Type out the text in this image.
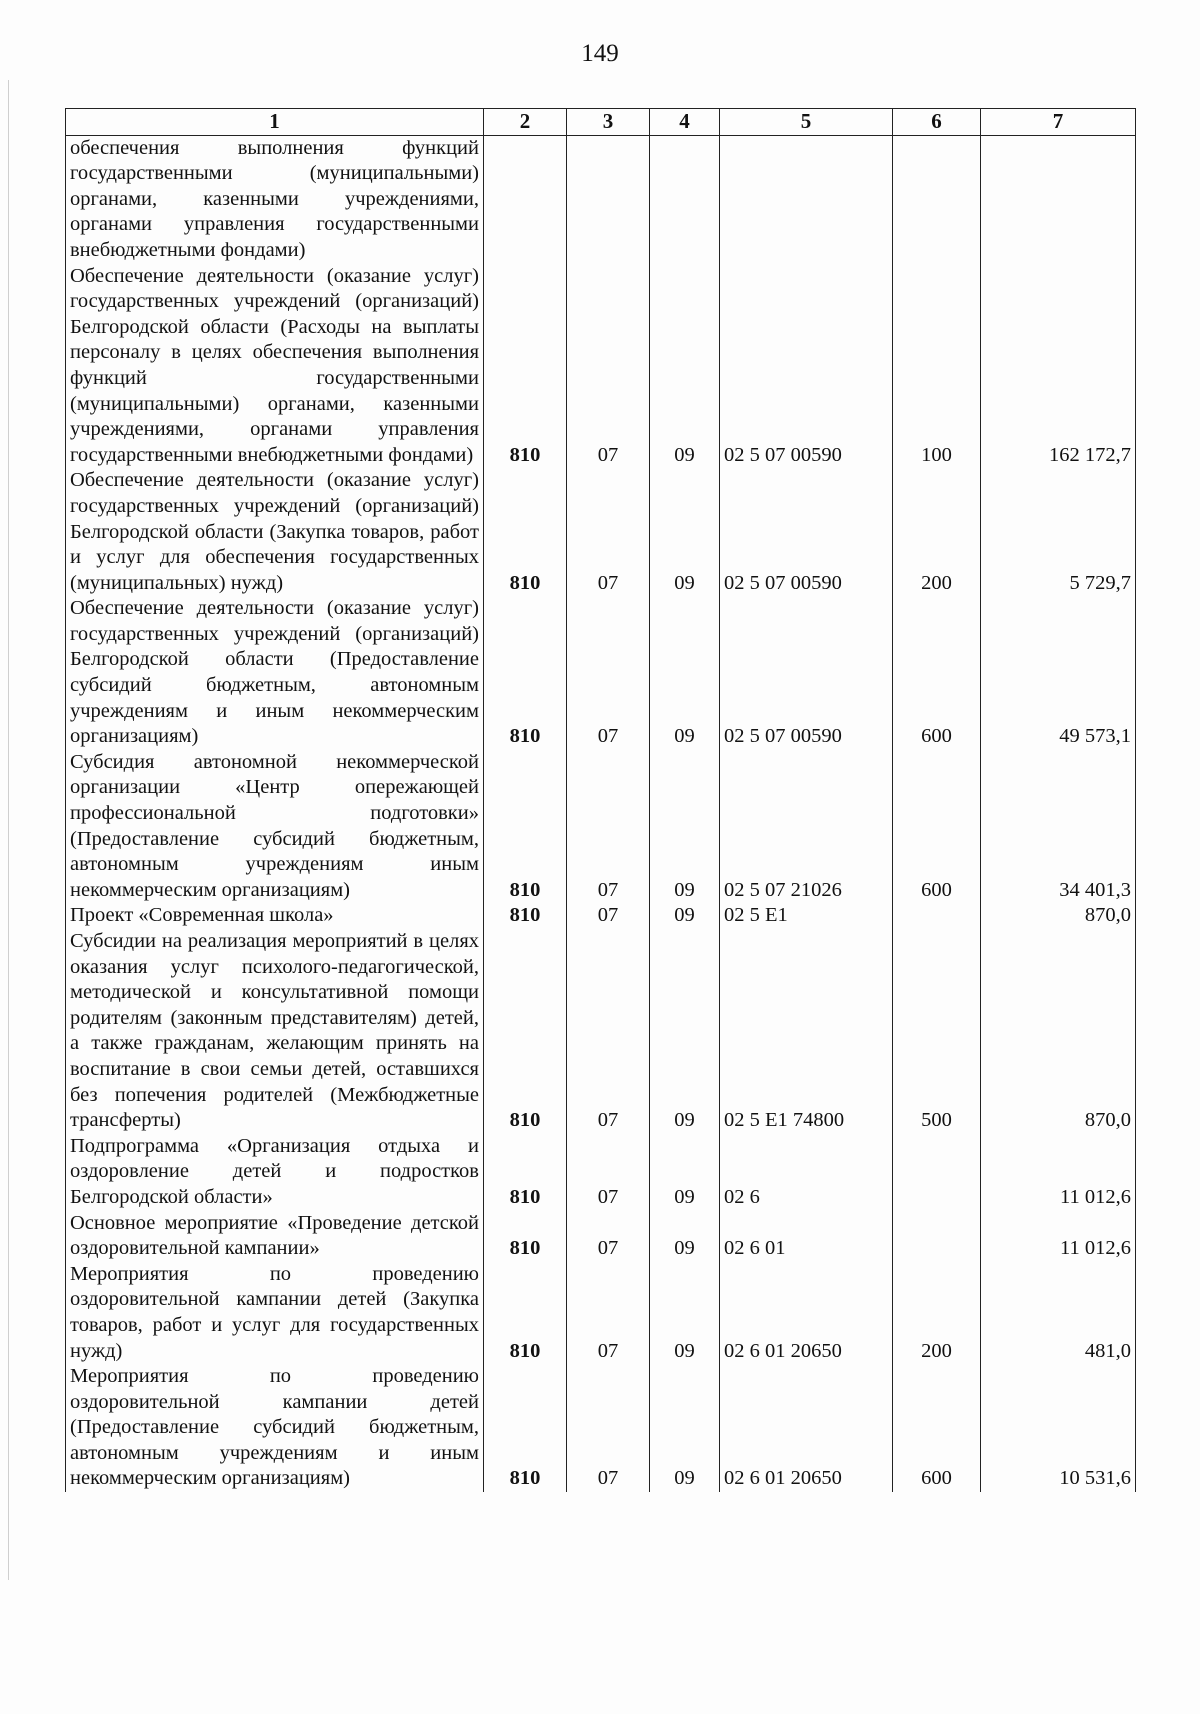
149
1	2	3	4	5	6	7
обеспечения выполнения функций государственными (муниципальными) органами, казенными учреждениями, органами управления государственными внебюджетными фондами)						
Обеспечение деятельности (оказание услуг) государственных учреждений (организаций) Белгородской области (Расходы на выплаты персоналу в целях обеспечения выполнения функций государственными (муниципальными) органами, казенными учреждениями, органами управления государственными внебюджетными фондами)	810	07	09	02 5 07 00590	100	162 172,7
Обеспечение деятельности (оказание услуг) государственных учреждений (организаций) Белгородской области (Закупка товаров, работ и услуг для обеспечения государственных (муниципальных) нужд)	810	07	09	02 5 07 00590	200	5 729,7
Обеспечение деятельности (оказание услуг) государственных учреждений (организаций) Белгородской области (Предоставление субсидий бюджетным, автономным учреждениям и иным некоммерческим организациям)	810	07	09	02 5 07 00590	600	49 573,1
Субсидия автономной некоммерческой организации «Центр опережающей профессиональной подготовки» (Предоставление субсидий бюджетным, автономным учреждениям иным некоммерческим организациям)	810	07	09	02 5 07 21026	600	34 401,3
Проект «Современная школа»	810	07	09	02 5 E1		870,0
Субсидии на реализация мероприятий в целях оказания услуг психолого-педагогической, методической и консультативной помощи родителям (законным представителям) детей, а также гражданам, желающим принять на воспитание в свои семьи детей, оставшихся без попечения родителей (Межбюджетные трансферты)	810	07	09	02 5 E1 74800	500	870,0
Подпрограмма «Организация отдыха и оздоровление детей и подростков Белгородской области»	810	07	09	02 6		11 012,6
Основное мероприятие «Проведение детской оздоровительной кампании»	810	07	09	02 6 01		11 012,6
Мероприятия по проведению оздоровительной кампании детей (Закупка товаров, работ и услуг для государственных нужд)	810	07	09	02 6 01 20650	200	481,0
Мероприятия по проведению оздоровительной кампании детей (Предоставление субсидий бюджетным, автономным учреждениям и иным некоммерческим организациям)	810	07	09	02 6 01 20650	600	10 531,6
